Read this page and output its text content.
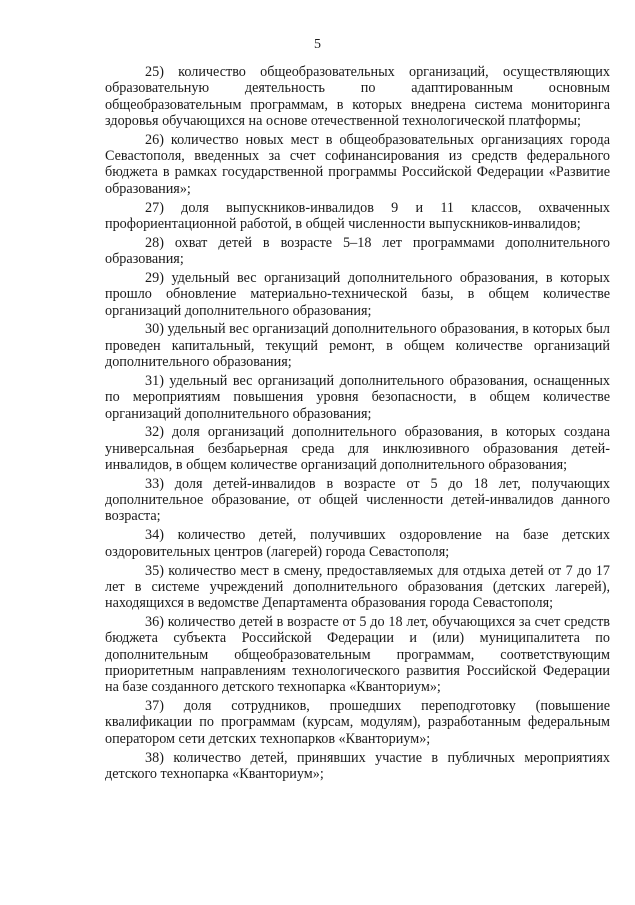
5

25) количество общеобразовательных организаций, осуществляющих образовательную деятельность по адаптированным основным общеобразовательным программам, в которых внедрена система мониторинга здоровья обучающихся на основе отечественной технологической платформы;

26) количество новых мест в общеобразовательных организациях города Севастополя, введенных за счет софинансирования из средств федерального бюджета в рамках государственной программы Российской Федерации «Развитие образования»;

27) доля выпускников-инвалидов 9 и 11 классов, охваченных профориентационной работой, в общей численности выпускников-инвалидов;

28) охват детей в возрасте 5–18 лет программами дополнительного образования;

29) удельный вес организаций дополнительного образования, в которых прошло обновление материально-технической базы, в общем количестве организаций дополнительного образования;

30) удельный вес организаций дополнительного образования, в которых был проведен капитальный, текущий ремонт, в общем количестве организаций дополнительного образования;

31) удельный вес организаций дополнительного образования, оснащенных по мероприятиям повышения уровня безопасности, в общем количестве организаций дополнительного образования;

32) доля организаций дополнительного образования, в которых создана универсальная безбарьерная среда для инклюзивного образования детей-инвалидов, в общем количестве организаций дополнительного образования;

33) доля детей-инвалидов в возрасте от 5 до 18 лет, получающих дополнительное образование, от общей численности детей-инвалидов данного возраста;

34) количество детей, получивших оздоровление на базе детских оздоровительных центров (лагерей) города Севастополя;

35) количество мест в смену, предоставляемых для отдыха детей от 7 до 17 лет в системе учреждений дополнительного образования (детских лагерей), находящихся в ведомстве Департамента образования города Севастополя;

36) количество детей в возрасте от 5 до 18 лет, обучающихся за счет средств бюджета субъекта Российской Федерации и (или) муниципалитета по дополнительным общеобразовательным программам, соответствующим приоритетным направлениям технологического развития Российской Федерации на базе созданного детского технопарка «Кванториум»;

37) доля сотрудников, прошедших переподготовку (повышение квалификации по программам (курсам, модулям), разработанным федеральным оператором сети детских технопарков «Кванториум»;

38) количество детей, принявших участие в публичных мероприятиях детского технопарка «Кванториум»;
